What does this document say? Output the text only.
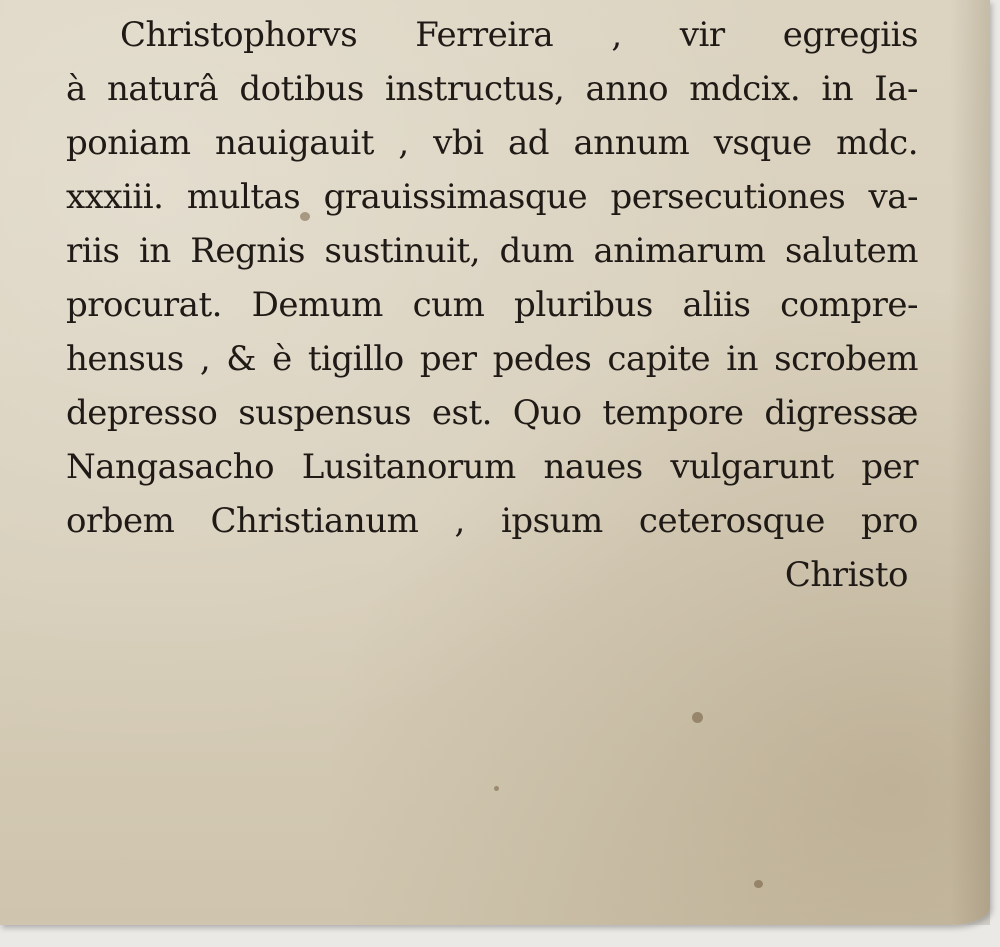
Christophorvs Ferreira , vir egregiis
à naturâ dotibus instructus, anno mdcix. in Ia-
poniam nauigauit , vbi ad annum vsque mdc.
xxxiii. multas grauissimasque persecutiones va-
riis in Regnis sustinuit, dum animarum salutem
procurat. Demum cum pluribus aliis compre-
hensus , & è tigillo per pedes capite in scrobem
depresso suspensus est. Quo tempore digressæ
Nangasacho Lusitanorum naues vulgarunt per
orbem Christianum , ipsum ceterosque pro
Christo
